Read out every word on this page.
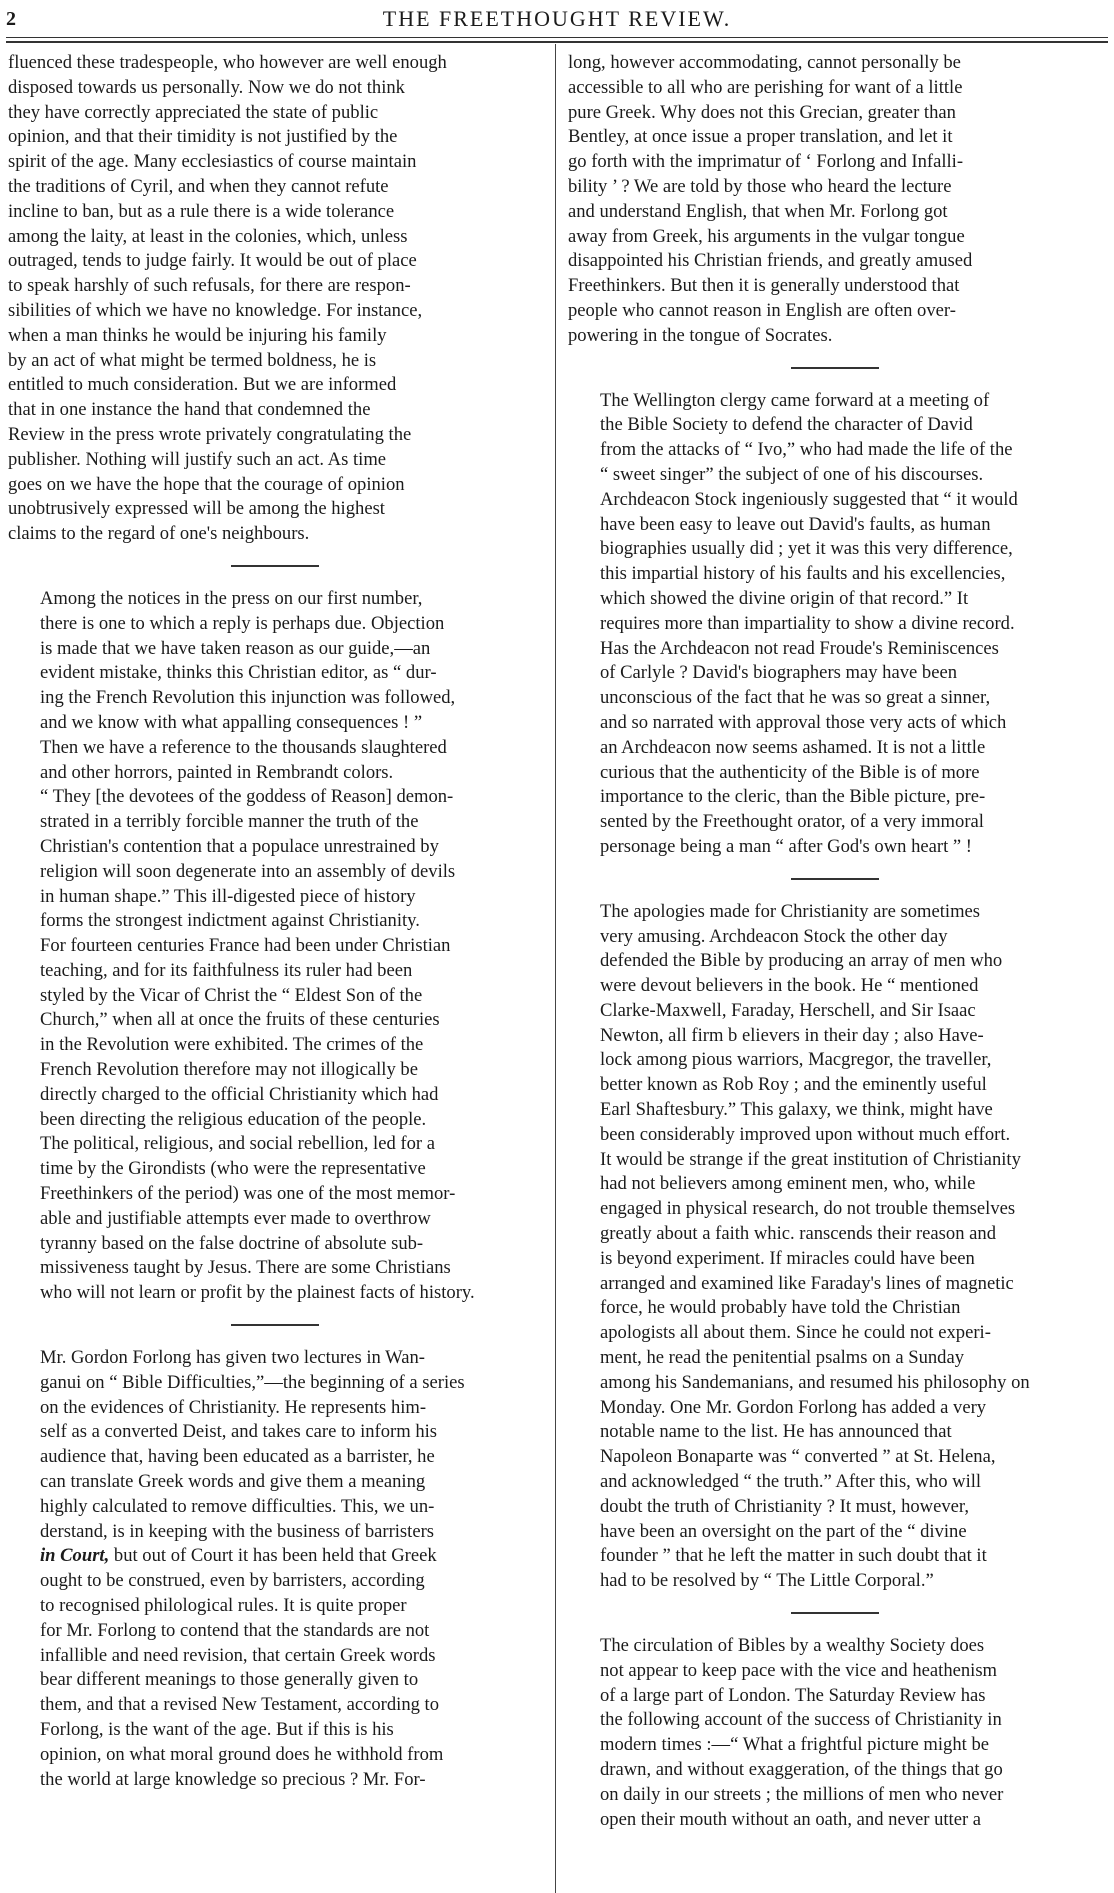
2	THE FREETHOUGHT REVIEW.
fluenced these tradespeople, who however are well enough
disposed towards us personally. Now we do not think
they have correctly appreciated the state of public
opinion, and that their timidity is not justified by the
spirit of the age. Many ecclesiastics of course maintain
the traditions of Cyril, and when they cannot refute
incline to ban, but as a rule there is a wide tolerance
among the laity, at least in the colonies, which, unless
outraged, tends to judge fairly. It would be out of place
to speak harshly of such refusals, for there are respon-
sibilities of which we have no knowledge. For instance,
when a man thinks he would be injuring his family
by an act of what might be termed boldness, he is
entitled to much consideration. But we are informed
that in one instance the hand that condemned the
Review in the press wrote privately congratulating the
publisher. Nothing will justify such an act. As time
goes on we have the hope that the courage of opinion
unobtrusively expressed will be among the highest
claims to the regard of one's neighbours.
Among the notices in the press on our first number,
there is one to which a reply is perhaps due. Objection
is made that we have taken reason as our guide,—an
evident mistake, thinks this Christian editor, as “ dur-
ing the French Revolution this injunction was followed,
and we know with what appalling consequences ! ”
Then we have a reference to the thousands slaughtered
and other horrors, painted in Rembrandt colors.
“ They [the devotees of the goddess of Reason] demon-
strated in a terribly forcible manner the truth of the
Christian's contention that a populace unrestrained by
religion will soon degenerate into an assembly of devils
in human shape.” This ill-digested piece of history
forms the strongest indictment against Christianity.
For fourteen centuries France had been under Christian
teaching, and for its faithfulness its ruler had been
styled by the Vicar of Christ the “ Eldest Son of the
Church,” when all at once the fruits of these centuries
in the Revolution were exhibited. The crimes of the
French Revolution therefore may not illogically be
directly charged to the official Christianity which had
been directing the religious education of the people.
The political, religious, and social rebellion, led for a
time by the Girondists (who were the representative
Freethinkers of the period) was one of the most memor-
able and justifiable attempts ever made to overthrow
tyranny based on the false doctrine of absolute sub-
missiveness taught by Jesus. There are some Christians
who will not learn or profit by the plainest facts of history.
Mr. Gordon Forlong has given two lectures in Wan-
ganui on “ Bible Difficulties,”—the beginning of a series
on the evidences of Christianity. He represents him-
self as a converted Deist, and takes care to inform his
audience that, having been educated as a barrister, he
can translate Greek words and give them a meaning
highly calculated to remove difficulties. This, we un-
derstand, is in keeping with the business of barristers
in Court, but out of Court it has been held that Greek
ought to be construed, even by barristers, according
to recognised philological rules. It is quite proper
for Mr. Forlong to contend that the standards are not
infallible and need revision, that certain Greek words
bear different meanings to those generally given to
them, and that a revised New Testament, according to
Forlong, is the want of the age. But if this is his
opinion, on what moral ground does he withhold from
the world at large knowledge so precious ? Mr. For-
long, however accommodating, cannot personally be
accessible to all who are perishing for want of a little
pure Greek. Why does not this Grecian, greater than
Bentley, at once issue a proper translation, and let it
go forth with the imprimatur of ‘ Forlong and Infalli-
bility ’ ? We are told by those who heard the lecture
and understand English, that when Mr. Forlong got
away from Greek, his arguments in the vulgar tongue
disappointed his Christian friends, and greatly amused
Freethinkers. But then it is generally understood that
people who cannot reason in English are often over-
powering in the tongue of Socrates.
The Wellington clergy came forward at a meeting of
the Bible Society to defend the character of David
from the attacks of “ Ivo,” who had made the life of the
“ sweet singer” the subject of one of his discourses.
Archdeacon Stock ingeniously suggested that “ it would
have been easy to leave out David's faults, as human
biographies usually did ; yet it was this very difference,
this impartial history of his faults and his excellencies,
which showed the divine origin of that record.” It
requires more than impartiality to show a divine record.
Has the Archdeacon not read Froude's Reminiscences
of Carlyle ? David's biographers may have been
unconscious of the fact that he was so great a sinner,
and so narrated with approval those very acts of which
an Archdeacon now seems ashamed. It is not a little
curious that the authenticity of the Bible is of more
importance to the cleric, than the Bible picture, pre-
sented by the Freethought orator, of a very immoral
personage being a man “ after God's own heart ” !
The apologies made for Christianity are sometimes
very amusing. Archdeacon Stock the other day
defended the Bible by producing an array of men who
were devout believers in the book. He “ mentioned
Clarke-Maxwell, Faraday, Herschell, and Sir Isaac
Newton, all firm b elievers in their day ; also Have-
lock among pious warriors, Macgregor, the traveller,
better known as Rob Roy ; and the eminently useful
Earl Shaftesbury.” This galaxy, we think, might have
been considerably improved upon without much effort.
It would be strange if the great institution of Christianity
had not believers among eminent men, who, while
engaged in physical research, do not trouble themselves
greatly about a faith whic. ranscends their reason and
is beyond experiment. If miracles could have been
arranged and examined like Faraday's lines of magnetic
force, he would probably have told the Christian
apologists all about them. Since he could not experi-
ment, he read the penitential psalms on a Sunday
among his Sandemanians, and resumed his philosophy on
Monday. One Mr. Gordon Forlong has added a very
notable name to the list. He has announced that
Napoleon Bonaparte was “ converted ” at St. Helena,
and acknowledged “ the truth.” After this, who will
doubt the truth of Christianity ? It must, however,
have been an oversight on the part of the “ divine
founder ” that he left the matter in such doubt that it
had to be resolved by “ The Little Corporal.”
The circulation of Bibles by a wealthy Society does
not appear to keep pace with the vice and heathenism
of a large part of London. The Saturday Review has
the following account of the success of Christianity in
modern times :—“ What a frightful picture might be
drawn, and without exaggeration, of the things that go
on daily in our streets ; the millions of men who never
open their mouth without an oath, and never utter a
